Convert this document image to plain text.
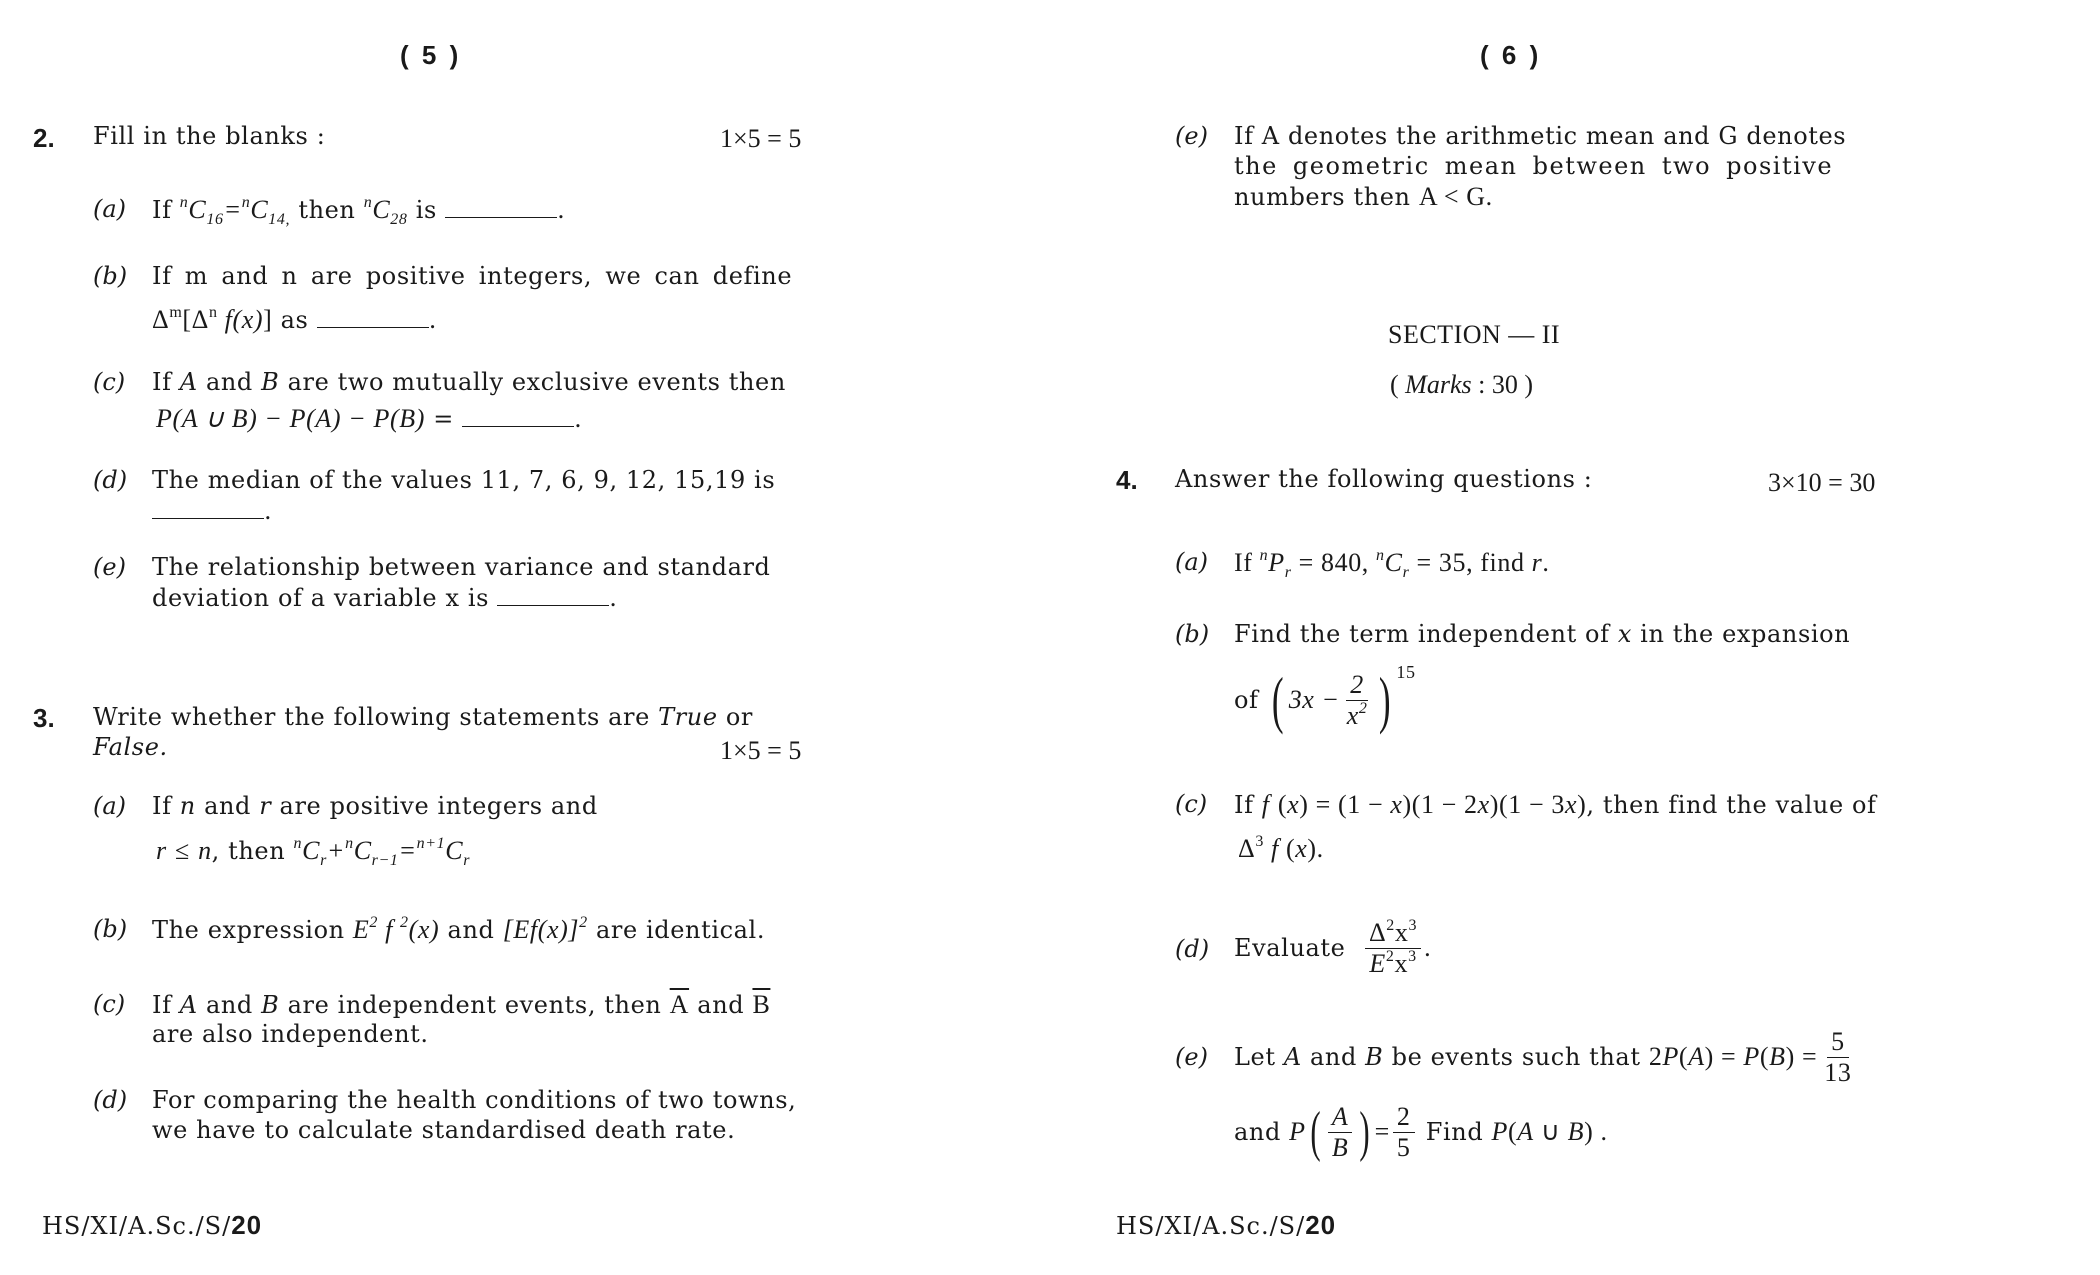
( 5 )
2. Fill in the blanks :	1×5 = 5
(a) If $^nC_{16}=^nC_{14,}$ then $^nC_{28}$ is	.
(b) If m and n are positive integers, we can define
$\Delta^m[\Delta^n$ f(x)] as	.
(c) If A and B are two mutually exclusive events then
P(A ∪ B) − P(A) − P(B) =	.
(d) The median of the values 11, 7, 6, 9, 12, 15,19 is
.
(e) The relationship between variance and standard
deviation of a variable x is	.
3. Write whether the following statements are True or
False.	1×5 = 5
(a) If n and r are positive integers and
r ≤ n, then $^nC_r+^nC_{r-1}=^{n+1}C_r$
(b) The expression $E^2$ f $^2$(x) and $[Ef(x)]^2$ are identical.
(c) If A and B are independent events, then $\overline{A}$ and $\overline{B}$
are also independent.
(d) For comparing the health conditions of two towns,
we have to calculate standardised death rate.
HS/XI/A.Sc./S/20
( 6 )
(e) If A denotes the arithmetic mean and G denotes
the geometric mean between two positive
numbers then A < G.
SECTION — II
( Marks : 30 )
4. Answer the following questions :	3×10 = 30
(a) If $^nP_r = 840$, $^nC_r = 35$, find r.
(b) Find the term independent of x in the expansion
of
( $3x - \frac{2}{x^2}$ ) 15
(c) If f (x) = (1 − x)(1 − 2x)(1 − 3x), then find the value of
$\Delta^3$ f (x).
(d) Evaluate
$\frac{\Delta^2x^3}{E^2x^3}$ .
(e) Let A and B be events such that $2P(A) = P(B) = \frac{5}{13}$
and P ( $\frac{A}{B}$ ) = $\frac{2}{5}$ Find P (A ∪ B) .
HS/XI/A.Sc./S/20
